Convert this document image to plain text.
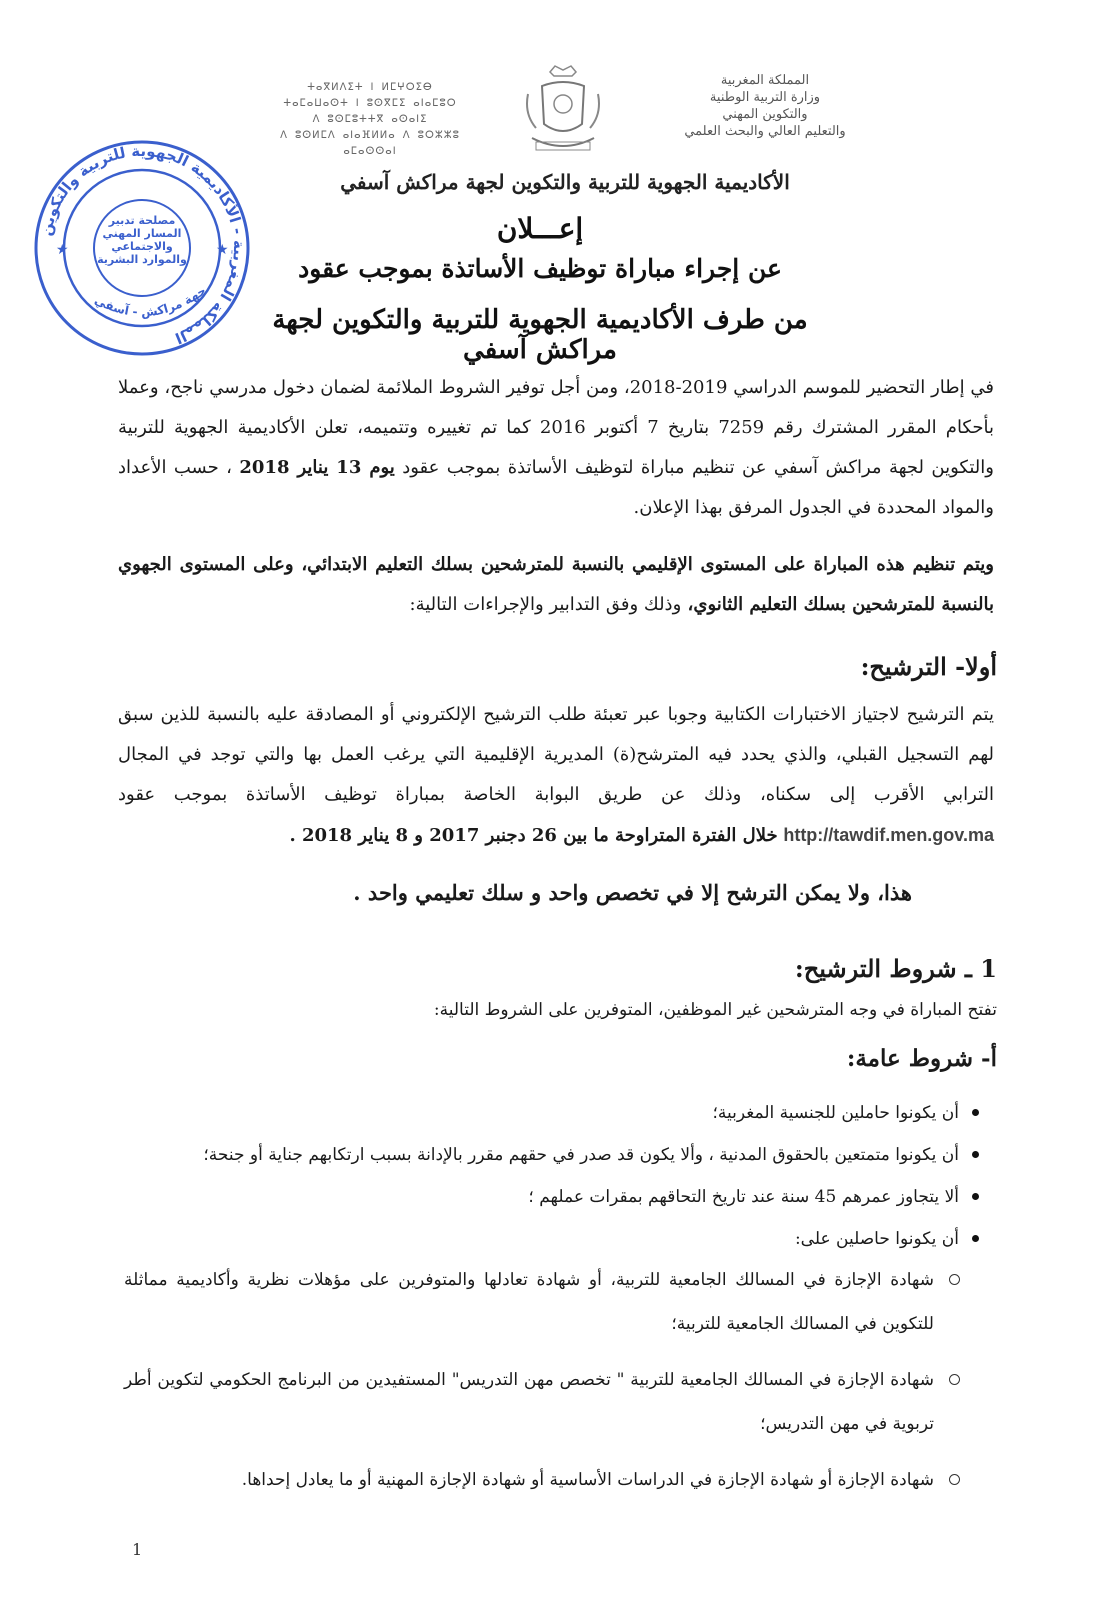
المملكة المغربية
وزارة التربية الوطنية
والتكوين المهني
والتعليم العالي والبحث العلمي
ⵜⴰⴳⵍⴷⵉⵜ ⵏ ⵍⵎⵖⵔⵉⴱ
ⵜⴰⵎⴰⵡⴰⵙⵜ ⵏ ⵓⵙⴳⵎⵉ ⴰⵏⴰⵎⵓⵔ
ⴷ ⵓⵙⵎⵓⵜⵜⴳ ⴰⵙⴰⵏⵉ
ⴷ ⵓⵙⵍⵎⴷ ⴰⵏⴰⴼⵍⵍⴰ ⴷ ⵓⵔⵣⵣⵓ ⴰⵎⴰⵙⵙⴰⵏ
الأكاديمية الجهوية للتربية والتكوين لجهة مراكش آسفي
المملكة المغربية - الأكاديمية الجهوية للتربية والتكوين
مصلحة تدبير المسار المهني والاجتماعي والموارد البشرية
جهة مراكش - آسفي
★	★
إعـــلان
عن إجراء مباراة توظيف الأساتذة بموجب عقود
من طرف الأكاديمية الجهوية للتربية والتكوين لجهة مراكش آسفي
في إطار التحضير للموسم الدراسي 2019-2018، ومن أجل توفير الشروط الملائمة لضمان دخول مدرسي ناجح، وعملا بأحكام المقرر المشترك رقم 7259 بتاريخ 7 أكتوبر 2016 كما تم تغييره وتتميمه، تعلن الأكاديمية الجهوية للتربية والتكوين لجهة مراكش آسفي عن تنظيم مباراة لتوظيف الأساتذة بموجب عقود يوم 13 يناير 2018 ، حسب الأعداد والمواد المحددة في الجدول المرفق بهذا الإعلان.
ويتم تنظيم هذه المباراة على المستوى الإقليمي بالنسبة للمترشحين بسلك التعليم الابتدائي، وعلى المستوى الجهوي بالنسبة للمترشحين بسلك التعليم الثانوي، وذلك وفق التدابير والإجراءات التالية:
أولا- الترشيح:
يتم الترشيح لاجتياز الاختبارات الكتابية وجوبا عبر تعبئة طلب الترشيح الإلكتروني أو المصادقة عليه بالنسبة للذين سبق لهم التسجيل القبلي، والذي يحدد فيه المترشح(ة) المديرية الإقليمية التي يرغب العمل بها والتي توجد في المجال الترابي الأقرب إلى سكناه، وذلك عن طريق البوابة الخاصة بمباراة توظيف الأساتذة بموجب عقود http://tawdif.men.gov.ma خلال الفترة المتراوحة ما بين 26 دجنبر 2017 و 8 يناير 2018 .
هذا، ولا يمكن الترشح إلا في تخصص واحد و سلك تعليمي واحد .
1 ـ شروط الترشيح:
تفتح المباراة في وجه المترشحين غير الموظفين، المتوفرين على الشروط التالية:
أ- شروط عامة:
أن يكونوا حاملين للجنسية المغربية؛
أن يكونوا متمتعين بالحقوق المدنية ، وألا يكون قد صدر في حقهم مقرر بالإدانة بسبب ارتكابهم جناية أو جنحة؛
ألا يتجاوز عمرهم 45 سنة عند تاريخ التحاقهم بمقرات عملهم ؛
أن يكونوا حاصلين على:
شهادة الإجازة في المسالك الجامعية للتربية، أو شهادة تعادلها والمتوفرين على مؤهلات نظرية وأكاديمية مماثلة للتكوين في المسالك الجامعية للتربية؛
شهادة الإجازة في المسالك الجامعية للتربية " تخصص مهن التدريس" المستفيدين من البرنامج الحكومي لتكوين أطر تربوية في مهن التدريس؛
شهادة الإجازة أو شهادة الإجازة في الدراسات الأساسية أو شهادة الإجازة المهنية أو ما يعادل إحداها.
1
